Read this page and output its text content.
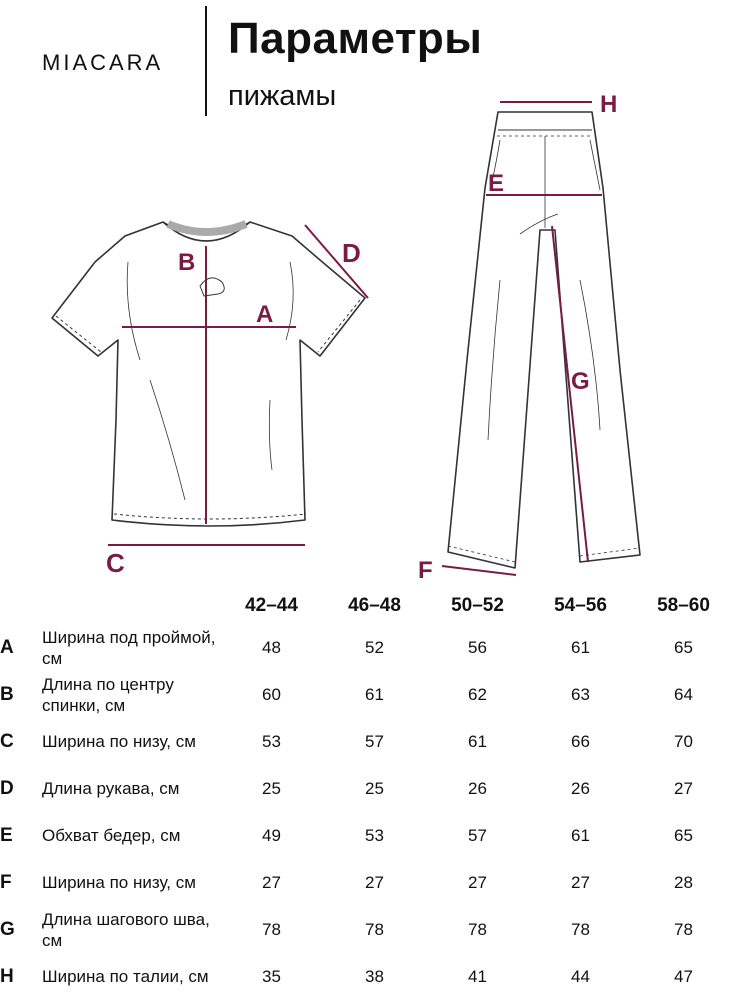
MIACARA Параметры
пижамы
A
B
C
D
E
F
G
H
		42–44	46–48	50–52	54–56	58–60
A	Ширина под проймой, см	48	52	56	61	65
B	Длина по центру спинки, см	60	61	62	63	64
C	Ширина по низу, см	53	57	61	66	70
D	Длина рукава, см	25	25	26	26	27
E	Обхват бедер, см	49	53	57	61	65
F	Ширина по низу, см	27	27	27	27	28
G	Длина шагового шва, см	78	78	78	78	78
H	Ширина по талии, см	35	38	41	44	47
